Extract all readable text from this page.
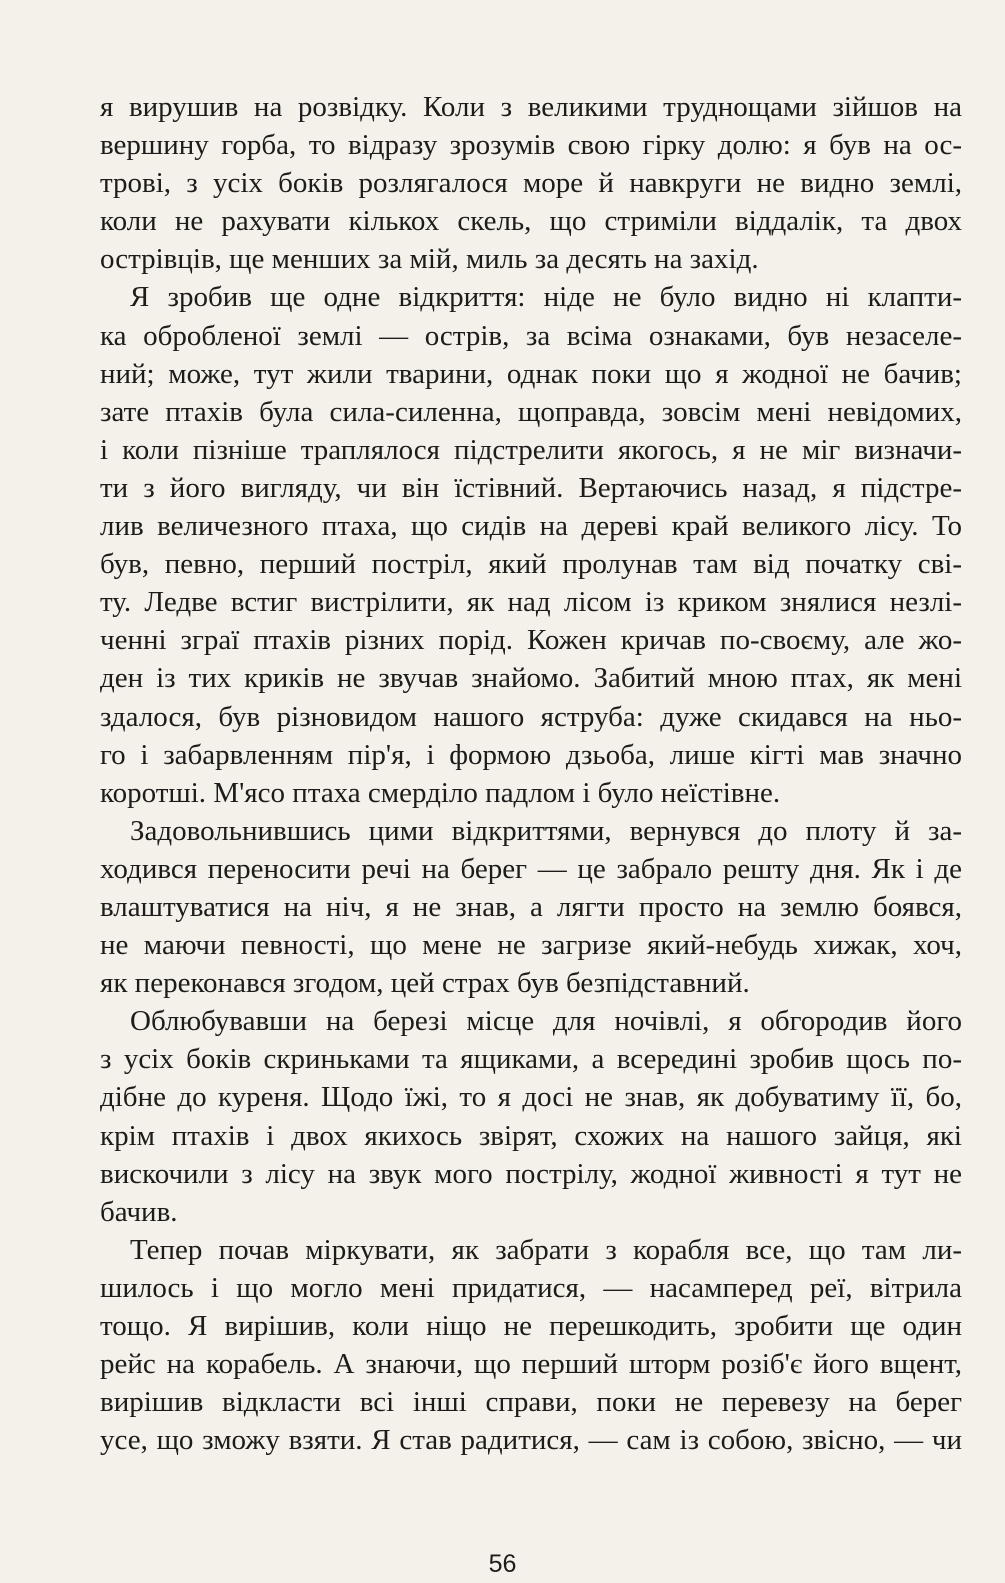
я вирушив на розвідку. Коли з великими труднощами зійшов на
вершину горба, то відразу зрозумів свою гірку долю: я був на ос-
трові, з усіх боків розлягалося море й навкруги не видно землі,
коли не рахувати кількох скель, що стриміли віддалік, та двох
острівців, ще менших за мій, миль за десять на захід.
Я зробив ще одне відкриття: ніде не було видно ні клапти-
ка обробленої землі — острів, за всіма ознаками, був незаселе-
ний; може, тут жили тварини, однак поки що я жодної не бачив;
зате птахів була сила-силенна, щоправда, зовсім мені невідомих,
і коли пізніше траплялося підстрелити якогось, я не міг визначи-
ти з його вигляду, чи він їстівний. Вертаючись назад, я підстре-
лив величезного птаха, що сидів на дереві край великого лісу. То
був, певно, перший постріл, який пролунав там від початку сві-
ту. Ледве встиг вистрілити, як над лісом із криком знялися незлі-
ченні зграї птахів різних порід. Кожен кричав по-своєму, але жо-
ден із тих криків не звучав знайомо. Забитий мною птах, як мені
здалося, був різновидом нашого яструба: дуже скидався на ньо-
го і забарвленням пір'я, і формою дзьоба, лише кігті мав значно
коротші. М'ясо птаха смерділо падлом і було неїстівне.
Задовольнившись цими відкриттями, вернувся до плоту й за-
ходився переносити речі на берег — це забрало решту дня. Як і де
влаштуватися на ніч, я не знав, а лягти просто на землю боявся,
не маючи певності, що мене не загризе який-небудь хижак, хоч,
як переконався згодом, цей страх був безпідставний.
Облюбувавши на березі місце для ночівлі, я обгородив його
з усіх боків скриньками та ящиками, а всередині зробив щось по-
дібне до куреня. Щодо їжі, то я досі не знав, як добуватиму її, бо,
крім птахів і двох якихось звірят, схожих на нашого зайця, які
вискочили з лісу на звук мого пострілу, жодної живності я тут не
бачив.
Тепер почав міркувати, як забрати з корабля все, що там ли-
шилось і що могло мені придатися, — насамперед реї, вітрила
тощо. Я вирішив, коли ніщо не перешкодить, зробити ще один
рейс на корабель. А знаючи, що перший шторм розіб'є його вщент,
вирішив відкласти всі інші справи, поки не перевезу на берег
усе, що зможу взяти. Я став радитися, — сам із собою, звісно, — чи
56
